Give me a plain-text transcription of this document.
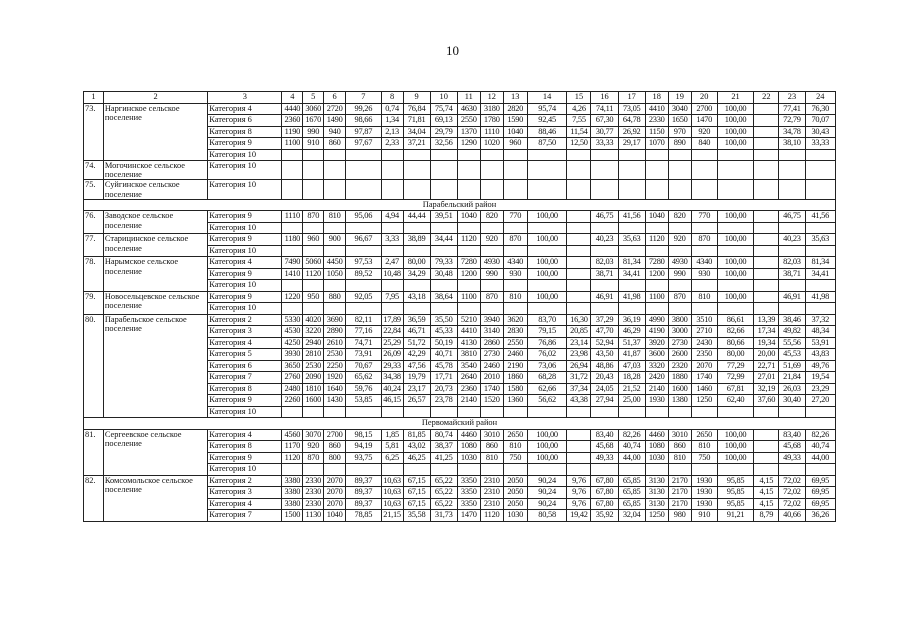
10
1	2	3	4	5	6	7	8	9	10	11	12	13	14	15	16	17	18	19	20	21	22	23	24
73.	Наргинское сельское поселение	Категория 4	4440	3060	2720	99,26	0,74	76,84	75,74	4630	3180	2820	95,74	4,26	74,11	73,05	4410	3040	2700	100,00		77,41	76,30
		Категория 6	2360	1670	1490	98,66	1,34	71,81	69,13	2550	1780	1590	92,45	7,55	67,30	64,78	2330	1650	1470	100,00		72,79	70,07
		Категория 8	1190	990	940	97,87	2,13	34,04	29,79	1370	1110	1040	88,46	11,54	30,77	26,92	1150	970	920	100,00		34,78	30,43
		Категория 9	1100	910	860	97,67	2,33	37,21	32,56	1290	1020	960	87,50	12,50	33,33	29,17	1070	890	840	100,00		38,10	33,33
		Категория 10																					
74.	Могочинское сельское поселение	Категория 10																					
75.	Суйгинское сельское поселение	Категория 10																					
Парабельский район																							
76.	Заводское сельское поселение	Категория 9	1110	870	810	95,06	4,94	44,44	39,51	1040	820	770	100,00		46,75	41,56	1040	820	770	100,00		46,75	41,56
		Категория 10																					
77.	Старицинское сельское поселение	Категория 9	1180	960	900	96,67	3,33	38,89	34,44	1120	920	870	100,00		40,23	35,63	1120	920	870	100,00		40,23	35,63
		Категория 10																					
78.	Нарымское сельское поселение	Категория 4	7490	5060	4450	97,53	2,47	80,00	79,33	7280	4930	4340	100,00		82,03	81,34	7280	4930	4340	100,00		82,03	81,34
		Категория 9	1410	1120	1050	89,52	10,48	34,29	30,48	1200	990	930	100,00		38,71	34,41	1200	990	930	100,00		38,71	34,41
		Категория 10																					
79.	Новосельцевское сельское поселение	Категория 9	1220	950	880	92,05	7,95	43,18	38,64	1100	870	810	100,00		46,91	41,98	1100	870	810	100,00		46,91	41,98
		Категория 10																					
80.	Парабельское сельское поселение	Категория 2	5330	4020	3690	82,11	17,89	36,59	35,50	5210	3940	3620	83,70	16,30	37,29	36,19	4990	3800	3510	86,61	13,39	38,46	37,32
		Категория 3	4530	3220	2890	77,16	22,84	46,71	45,33	4410	3140	2830	79,15	20,85	47,70	46,29	4190	3000	2710	82,66	17,34	49,82	48,34
		Категория 4	4250	2940	2610	74,71	25,29	51,72	50,19	4130	2860	2550	76,86	23,14	52,94	51,37	3920	2730	2430	80,66	19,34	55,56	53,91
		Категория 5	3930	2810	2530	73,91	26,09	42,29	40,71	3810	2730	2460	76,02	23,98	43,50	41,87	3600	2600	2350	80,00	20,00	45,53	43,83
		Категория 6	3650	2530	2250	70,67	29,33	47,56	45,78	3540	2460	2190	73,06	26,94	48,86	47,03	3320	2320	2070	77,29	22,71	51,69	49,76
		Категория 7	2760	2090	1920	65,62	34,38	19,79	17,71	2640	2010	1860	68,28	31,72	20,43	18,28	2420	1880	1740	72,99	27,01	21,84	19,54
		Категория 8	2480	1810	1640	59,76	40,24	23,17	20,73	2360	1740	1580	62,66	37,34	24,05	21,52	2140	1600	1460	67,81	32,19	26,03	23,29
		Категория 9	2260	1600	1430	53,85	46,15	26,57	23,78	2140	1520	1360	56,62	43,38	27,94	25,00	1930	1380	1250	62,40	37,60	30,40	27,20
		Категория 10																					
Первомайский район																							
81.	Сергеевское сельское поселение	Категория 4	4560	3070	2700	98,15	1,85	81,85	80,74	4460	3010	2650	100,00		83,40	82,26	4460	3010	2650	100,00		83,40	82,26
		Категория 8	1170	920	860	94,19	5,81	43,02	38,37	1080	860	810	100,00		45,68	40,74	1080	860	810	100,00		45,68	40,74
		Категория 9	1120	870	800	93,75	6,25	46,25	41,25	1030	810	750	100,00		49,33	44,00	1030	810	750	100,00		49,33	44,00
		Категория 10																					
82.	Комсомольское сельское поселение	Категория 2	3380	2330	2070	89,37	10,63	67,15	65,22	3350	2310	2050	90,24	9,76	67,80	65,85	3130	2170	1930	95,85	4,15	72,02	69,95
		Категория 3	3380	2330	2070	89,37	10,63	67,15	65,22	3350	2310	2050	90,24	9,76	67,80	65,85	3130	2170	1930	95,85	4,15	72,02	69,95
		Категория 4	3380	2330	2070	89,37	10,63	67,15	65,22	3350	2310	2050	90,24	9,76	67,80	65,85	3130	2170	1930	95,85	4,15	72,02	69,95
		Категория 7	1500	1130	1040	78,85	21,15	35,58	31,73	1470	1120	1030	80,58	19,42	35,92	32,04	1250	980	910	91,21	8,79	40,66	36,26
